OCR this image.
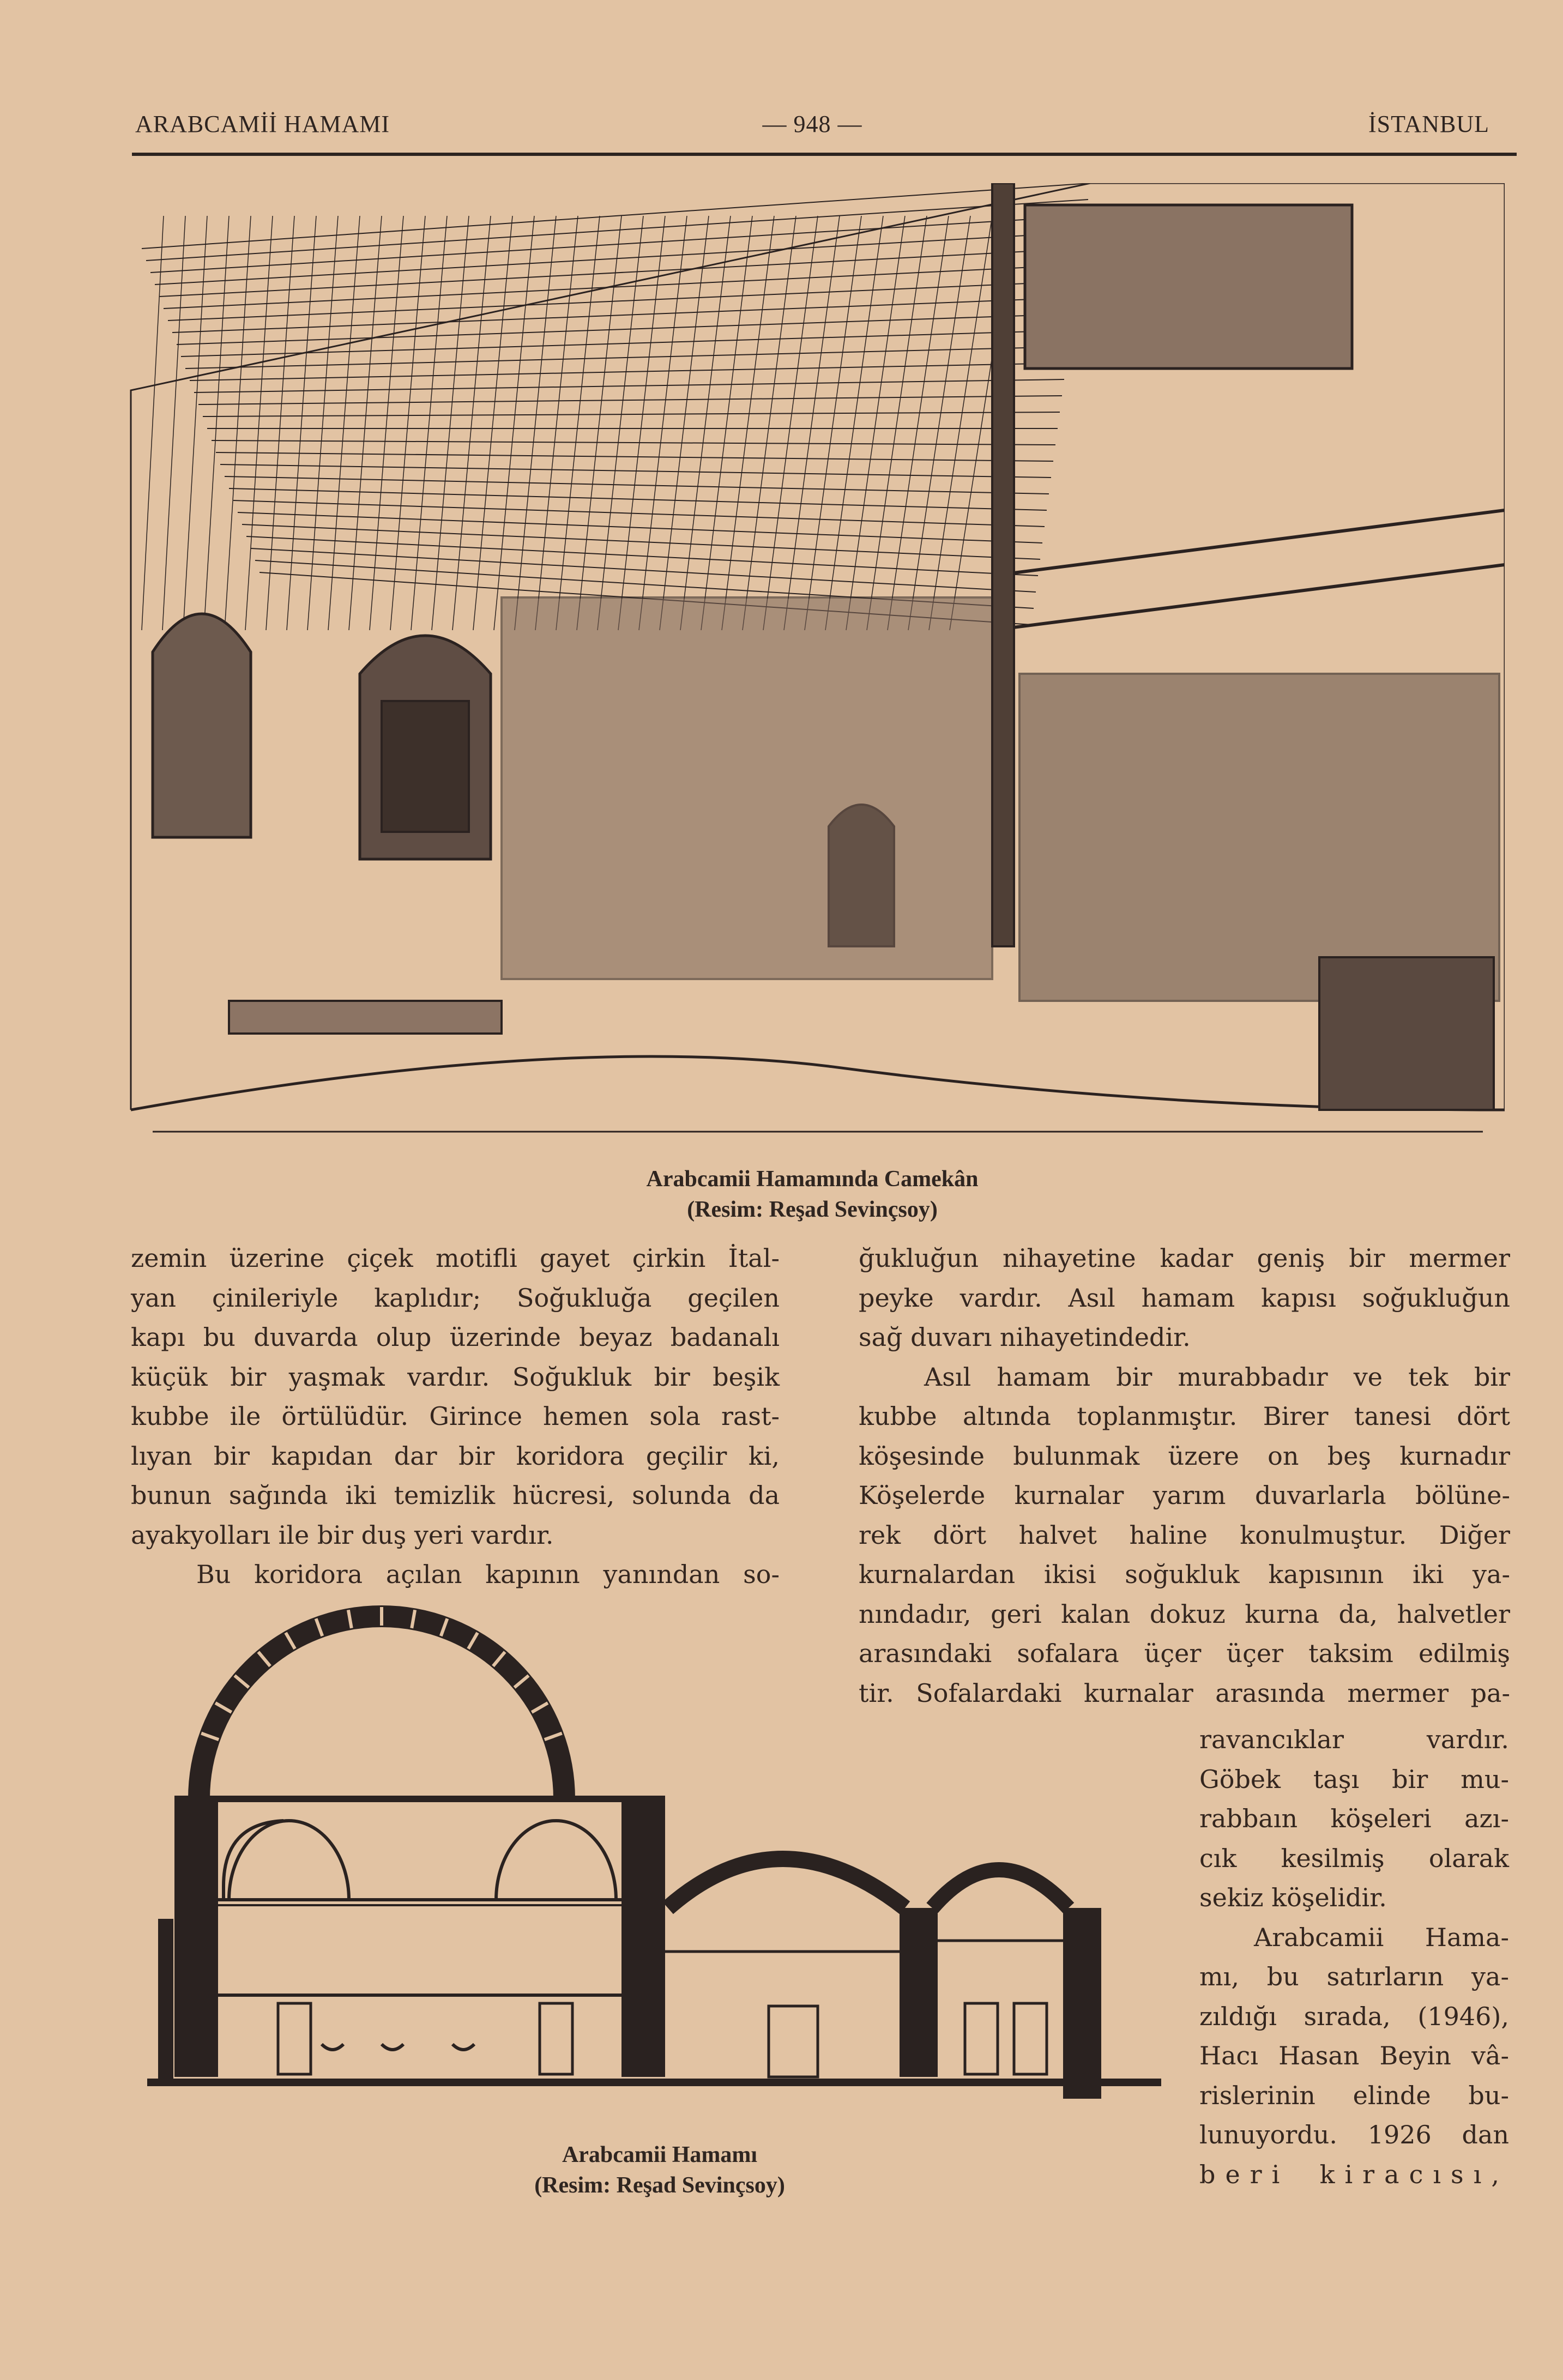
ARABCAMİİ HAMAMI	— 948 —	İSTANBUL
Arabcamii Hamamında Camekân
(Resim: Reşad Sevinçsoy)
zemin üzerine çiçek motifli gayet çirkin İtal-
yan çinileriyle kaplıdır; Soğukluğa geçilen
kapı bu duvarda olup üzerinde beyaz badanalı
küçük bir yaşmak vardır. Soğukluk bir beşik
kubbe ile örtülüdür. Girince hemen sola rast-
lıyan bir kapıdan dar bir koridora geçilir ki,
bunun sağında iki temizlik hücresi, solunda da
ayakyolları ile bir duş yeri vardır.
Bu koridora açılan kapının yanından so-
ğukluğun nihayetine kadar geniş bir mermer
peyke vardır. Asıl hamam kapısı soğukluğun
sağ duvarı nihayetindedir.
Asıl hamam bir murabbadır ve tek bir
kubbe altında toplanmıştır. Birer tanesi dört
köşesinde bulunmak üzere on beş kurnadır
Köşelerde kurnalar yarım duvarlarla bölüne-
rek dört halvet haline konulmuştur. Diğer
kurnalardan ikisi soğukluk kapısının iki ya-
nındadır, geri kalan dokuz kurna da, halvetler
arasındaki sofalara üçer üçer taksim edilmiş
tir. Sofalardaki kurnalar arasında mermer pa-
ravancıklar vardır.
Göbek taşı bir mu-
rabbaın köşeleri azı-
cık kesilmiş olarak
sekiz köşelidir.
Arabcamii Hama-
mı, bu satırların ya-
zıldığı sırada, (1946),
Hacı Hasan Beyin vâ-
rislerinin elinde bu-
lunuyordu. 1926 dan
beri kiracısı,
Arabcamii Hamamı
(Resim: Reşad Sevinçsoy)
